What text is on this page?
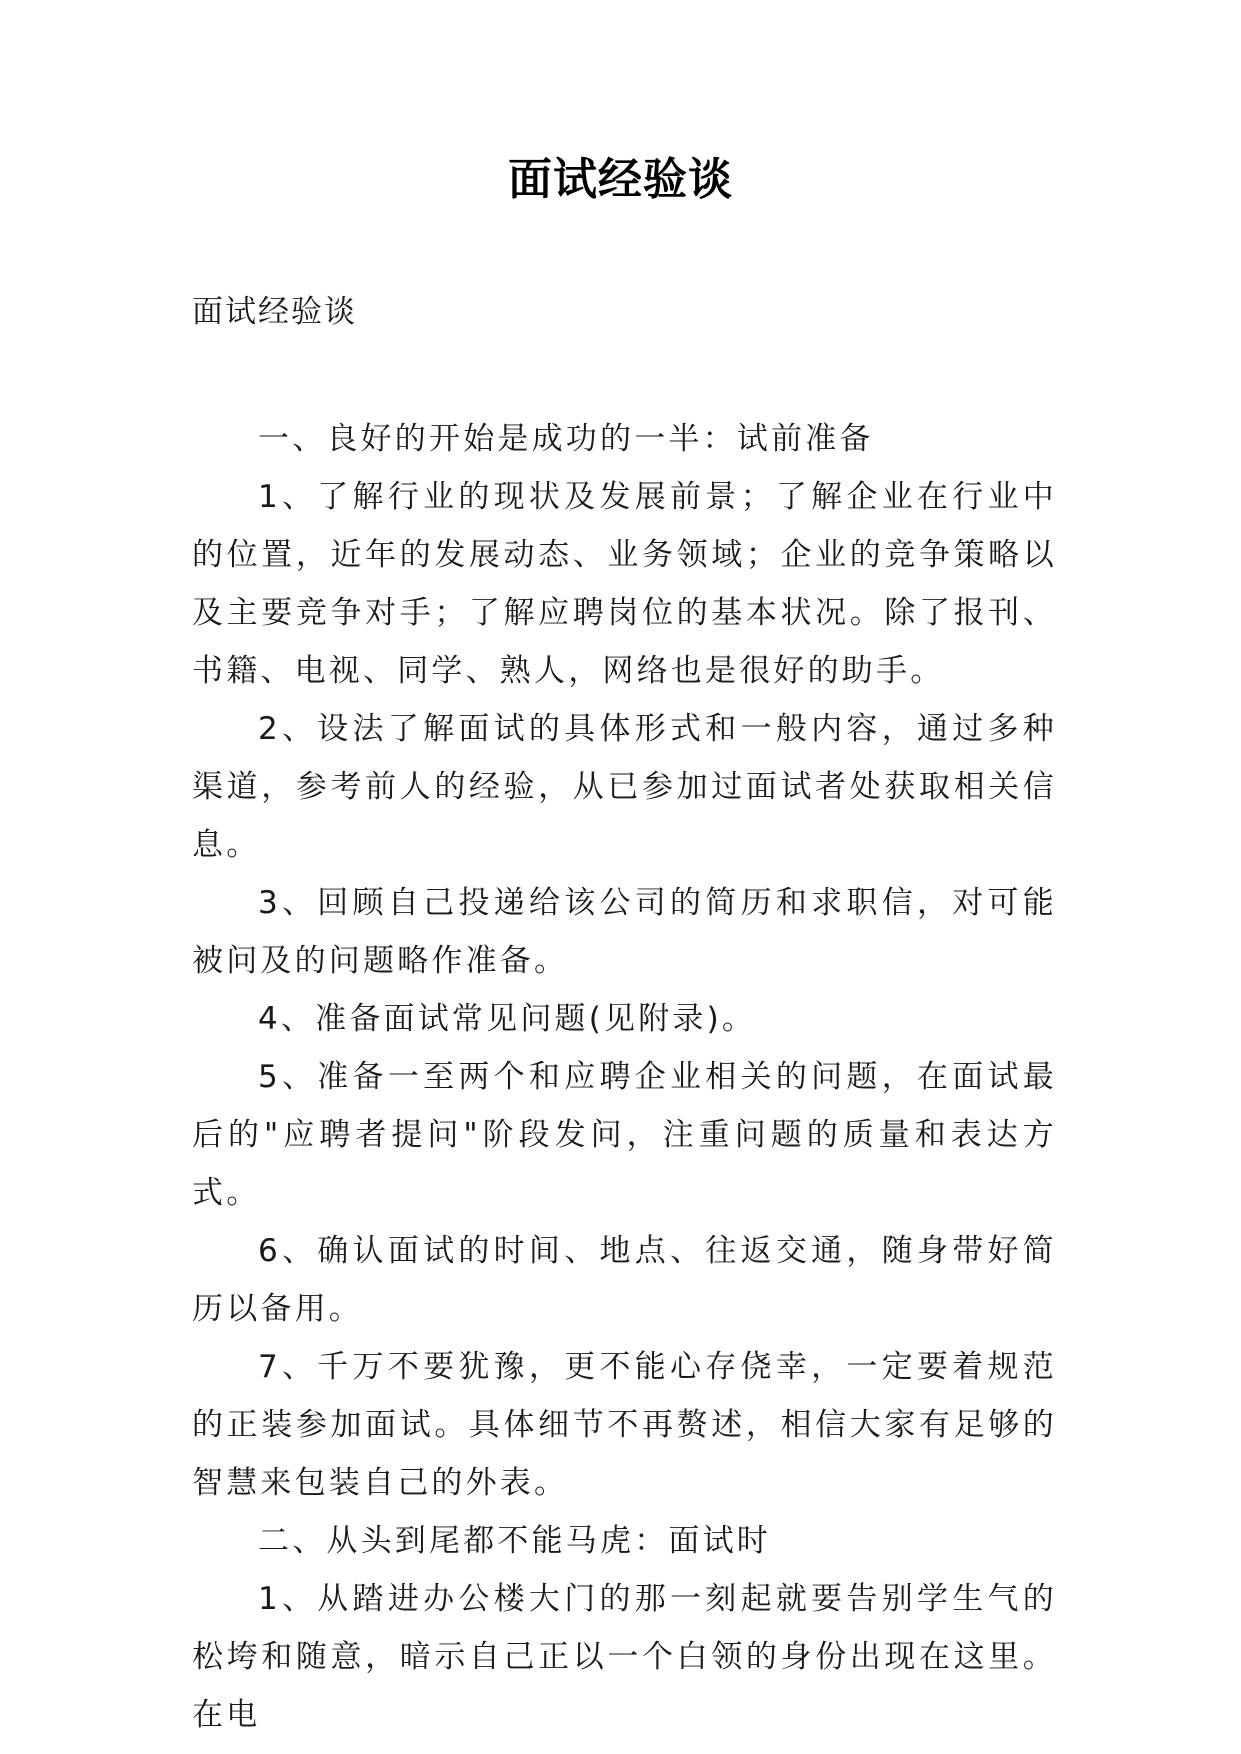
面试经验谈
面试经验谈

一、良好的开始是成功的一半：试前准备

1、了解行业的现状及发展前景；了解企业在行业中的位置，近年的发展动态、业务领域；企业的竞争策略以及主要竞争对手；了解应聘岗位的基本状况。除了报刊、书籍、电视、同学、熟人，网络也是很好的助手。

2、设法了解面试的具体形式和一般内容，通过多种渠道，参考前人的经验，从已参加过面试者处获取相关信息。

3、回顾自己投递给该公司的简历和求职信，对可能被问及的问题略作准备。

4、准备面试常见问题(见附录)。

5、准备一至两个和应聘企业相关的问题，在面试最后的"应聘者提问"阶段发问，注重问题的质量和表达方式。

6、确认面试的时间、地点、往返交通，随身带好简历以备用。

7、千万不要犹豫，更不能心存侥幸，一定要着规范的正装参加面试。具体细节不再赘述，相信大家有足够的智慧来包装自己的外表。

二、从头到尾都不能马虎：面试时

1、从踏进办公楼大门的那一刻起就要告别学生气的松垮和随意，暗示自己正以一个白领的身份出现在这里。在电
